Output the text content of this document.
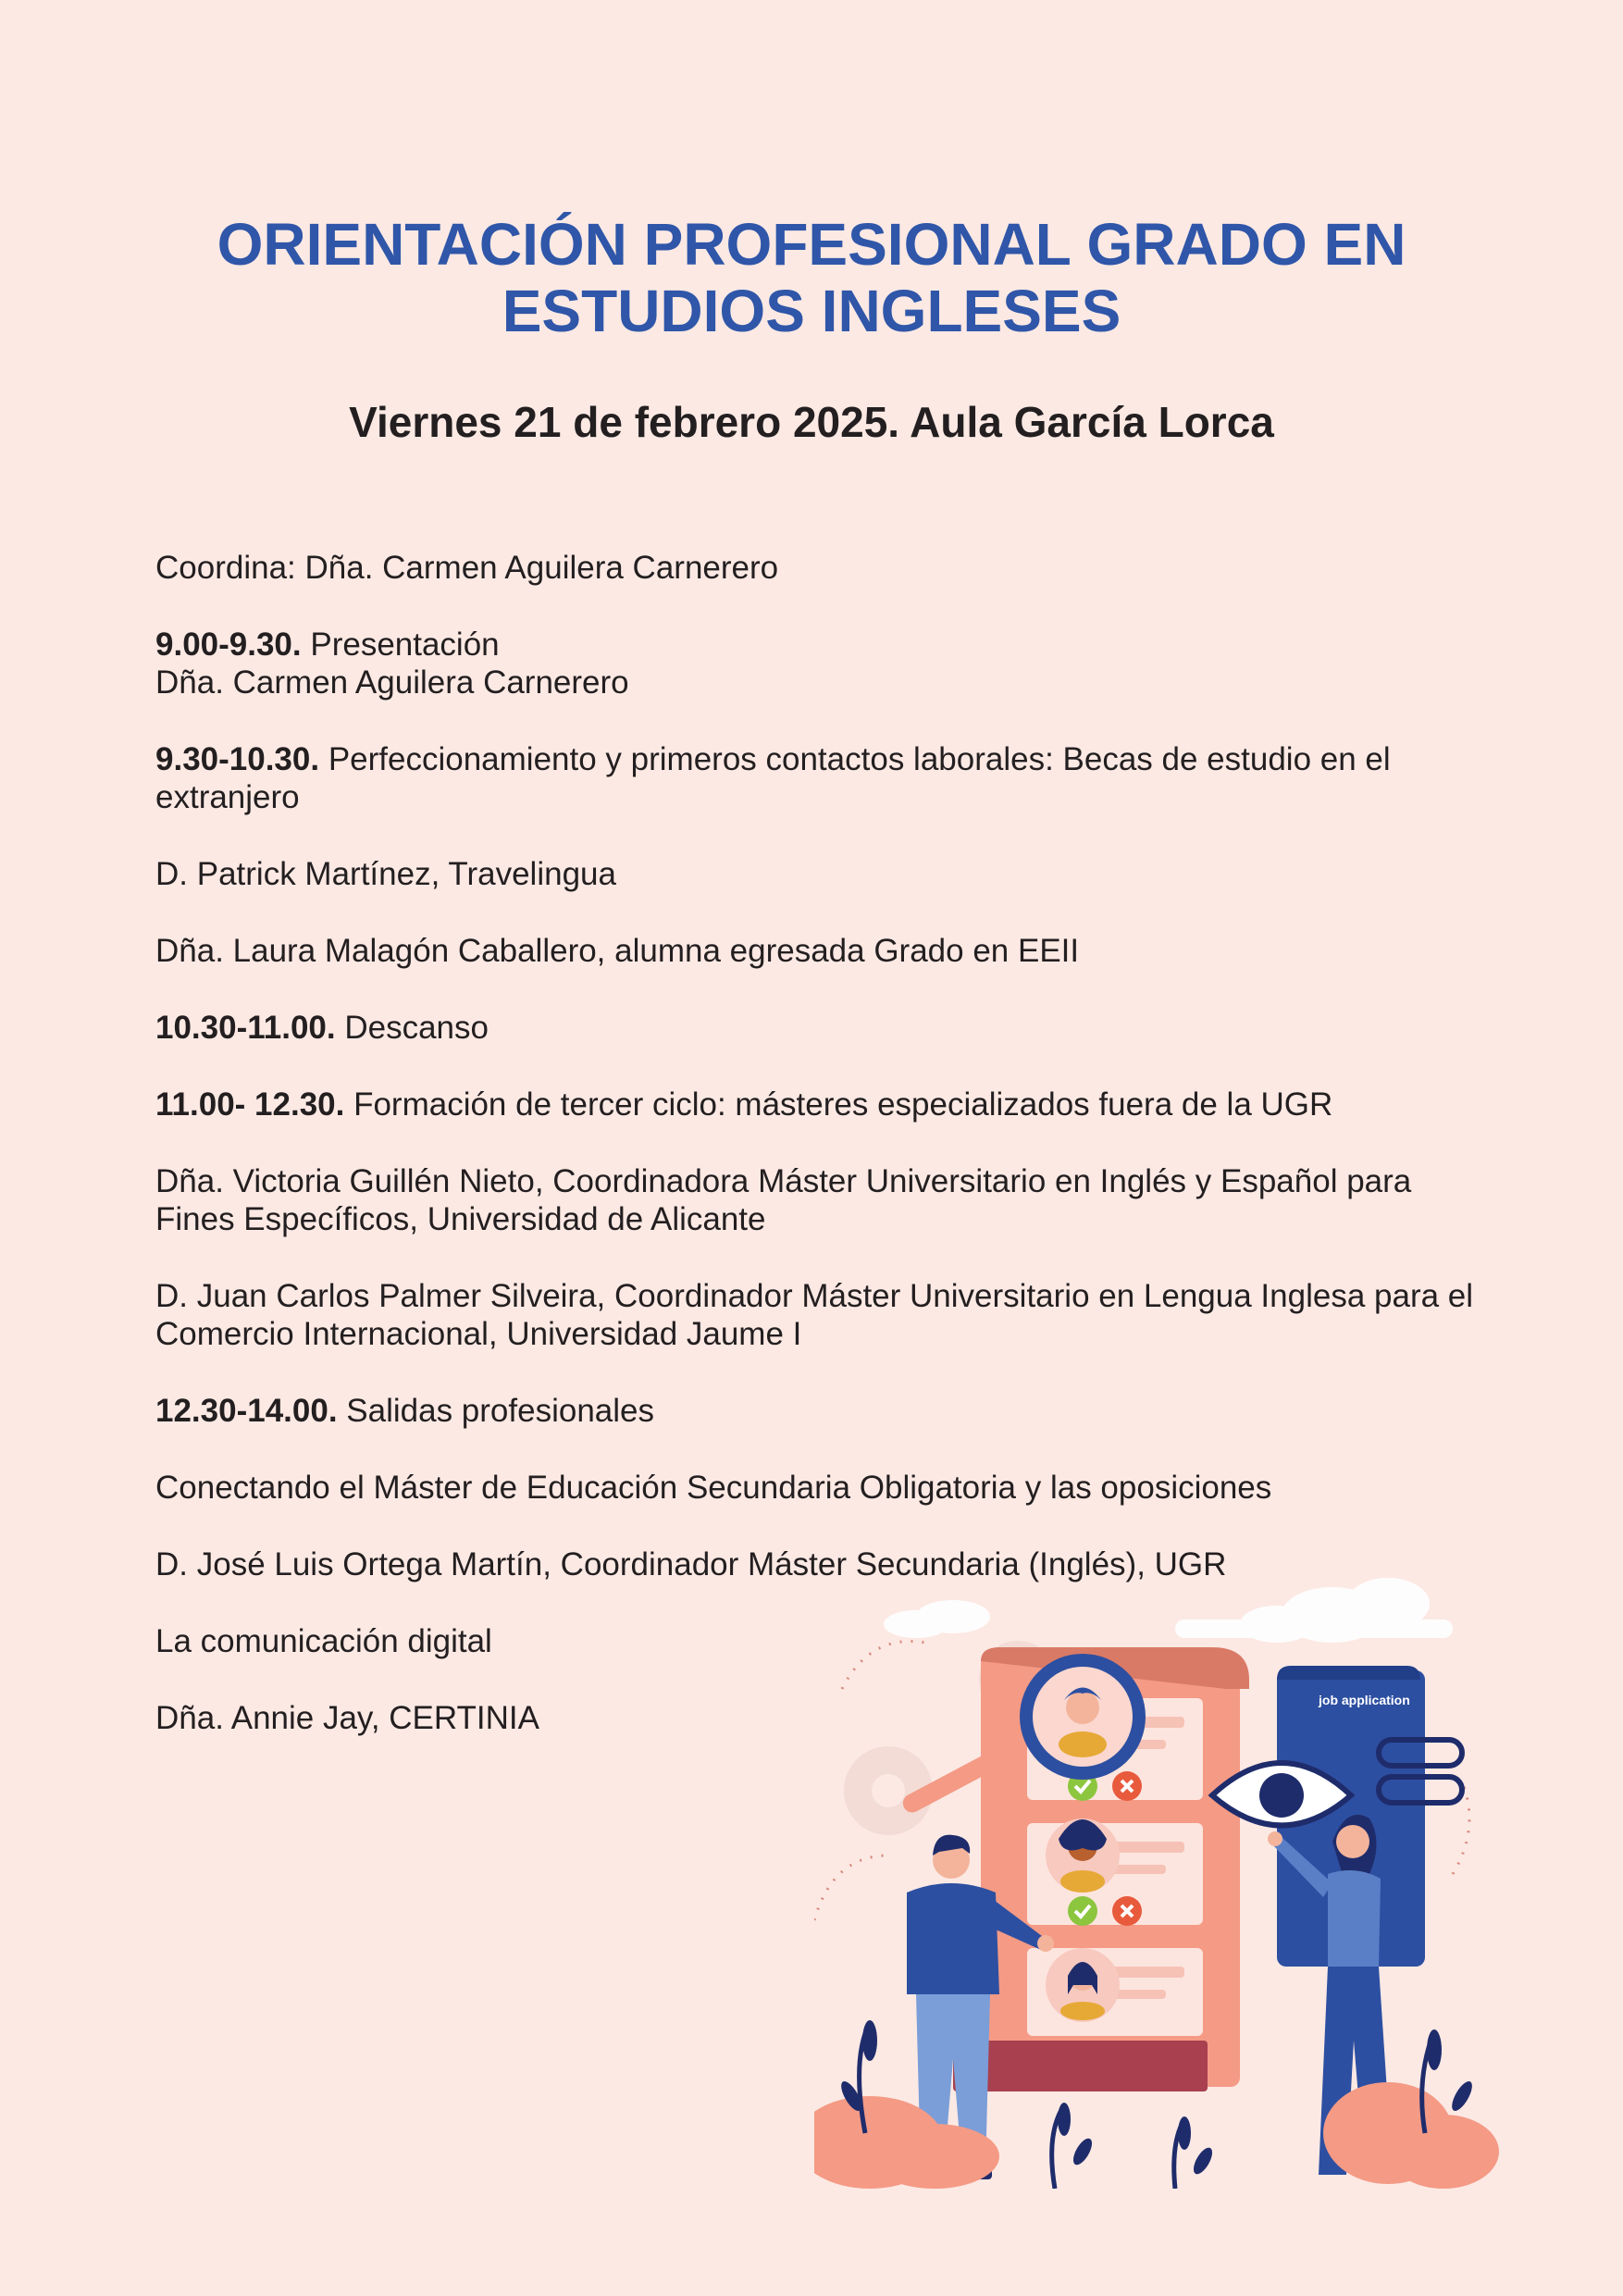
ORIENTACIÓN PROFESIONAL GRADO EN
ESTUDIOS INGLESES
Viernes 21 de febrero 2025. Aula García Lorca

Coordina: Dña. Carmen Aguilera Carnerero

9.00-9.30. Presentación

Dña. Carmen Aguilera Carnerero

9.30-10.30. Perfeccionamiento y primeros contactos laborales: Becas de estudio en el extranjero

D. Patrick Martínez, Travelingua

Dña. Laura Malagón Caballero, alumna egresada Grado en EEII

10.30-11.00. Descanso

11.00- 12.30. Formación de tercer ciclo: másteres especializados fuera de la UGR

Dña. Victoria Guillén Nieto, Coordinadora Máster Universitario en Inglés y Español para Fines Específicos, Universidad de Alicante

D. Juan Carlos Palmer Silveira, Coordinador Máster Universitario en Lengua Inglesa para el Comercio Internacional, Universidad Jaume I

12.30-14.00. Salidas profesionales

Conectando el Máster de Educación Secundaria Obligatoria y las oposiciones

D. José Luis Ortega Martín, Coordinador Máster Secundaria (Inglés), UGR

La comunicación digital

Dña. Annie Jay, CERTINIA	job application
